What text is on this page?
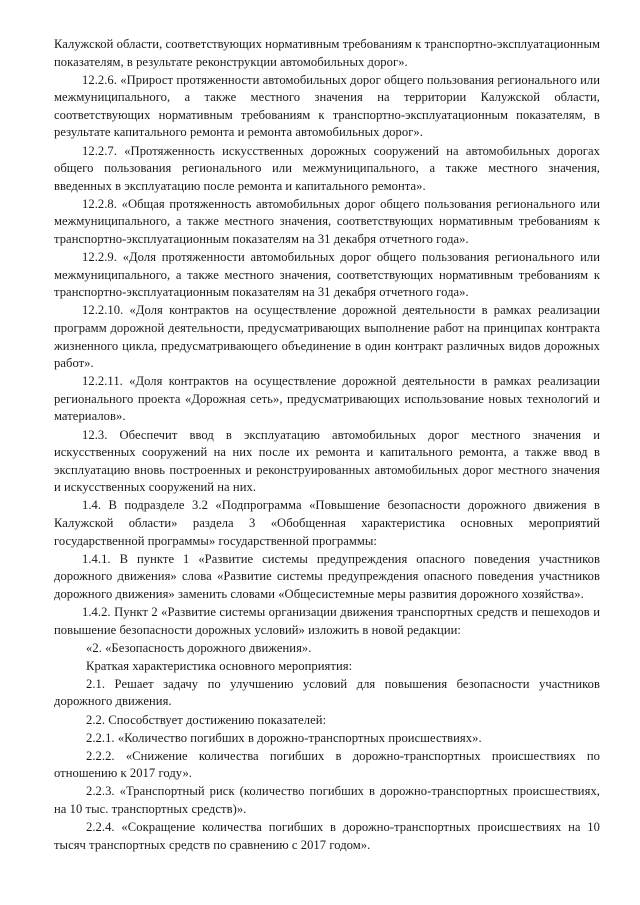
Калужской области, соответствующих нормативным требованиям к транспортно-эксплуатационным показателям, в результате реконструкции автомобильных дорог».

12.2.6. «Прирост протяженности автомобильных дорог общего пользования регионального или межмуниципального, а также местного значения на территории Калужской области, соответствующих нормативным требованиям к транспортно-эксплуатационным показателям, в результате капитального ремонта и ремонта автомобильных дорог».

12.2.7. «Протяженность искусственных дорожных сооружений на автомобильных дорогах общего пользования регионального или межмуниципального, а также местного значения, введенных в эксплуатацию после ремонта и капитального ремонта».

12.2.8. «Общая протяженность автомобильных дорог общего пользования регионального или межмуниципального, а также местного значения, соответствующих нормативным требованиям к транспортно-эксплуатационным показателям на 31 декабря отчетного года».

12.2.9. «Доля протяженности автомобильных дорог общего пользования регионального или межмуниципального, а также местного значения, соответствующих нормативным требованиям к транспортно-эксплуатационным показателям на 31 декабря отчетного года».

12.2.10. «Доля контрактов на осуществление дорожной деятельности в рамках реализации программ дорожной деятельности, предусматривающих выполнение работ на принципах контракта жизненного цикла, предусматривающего объединение в один контракт различных видов дорожных работ».

12.2.11. «Доля контрактов на осуществление дорожной деятельности в рамках реализации регионального проекта «Дорожная сеть», предусматривающих использование новых технологий и материалов».

12.3. Обеспечит ввод в эксплуатацию автомобильных дорог местного значения и искусственных сооружений на них после их ремонта и капитального ремонта, а также ввод в эксплуатацию вновь построенных и реконструированных автомобильных дорог местного значения и искусственных сооружений на них.

1.4. В подразделе 3.2 «Подпрограмма «Повышение безопасности дорожного движения в Калужской области» раздела 3 «Обобщенная характеристика основных мероприятий государственной программы» государственной программы:

1.4.1. В пункте 1 «Развитие системы предупреждения опасного поведения участников дорожного движения» слова «Развитие системы предупреждения опасного поведения участников дорожного движения» заменить словами «Общесистемные меры развития дорожного хозяйства».

1.4.2. Пункт 2 «Развитие системы организации движения транспортных средств и пешеходов и повышение безопасности дорожных условий» изложить в новой редакции:

«2. «Безопасность дорожного движения».

Краткая характеристика основного мероприятия:

2.1. Решает задачу по улучшению условий для повышения безопасности участников дорожного движения.

2.2. Способствует достижению показателей:

2.2.1. «Количество погибших в дорожно-транспортных происшествиях».

2.2.2. «Снижение количества погибших в дорожно-транспортных происшествиях по отношению к 2017 году».

2.2.3. «Транспортный риск (количество погибших в дорожно-транспортных происшествиях, на 10 тыс. транспортных средств)».

2.2.4. «Сокращение количества погибших в дорожно-транспортных происшествиях на 10 тысяч транспортных средств по сравнению с 2017 годом».
